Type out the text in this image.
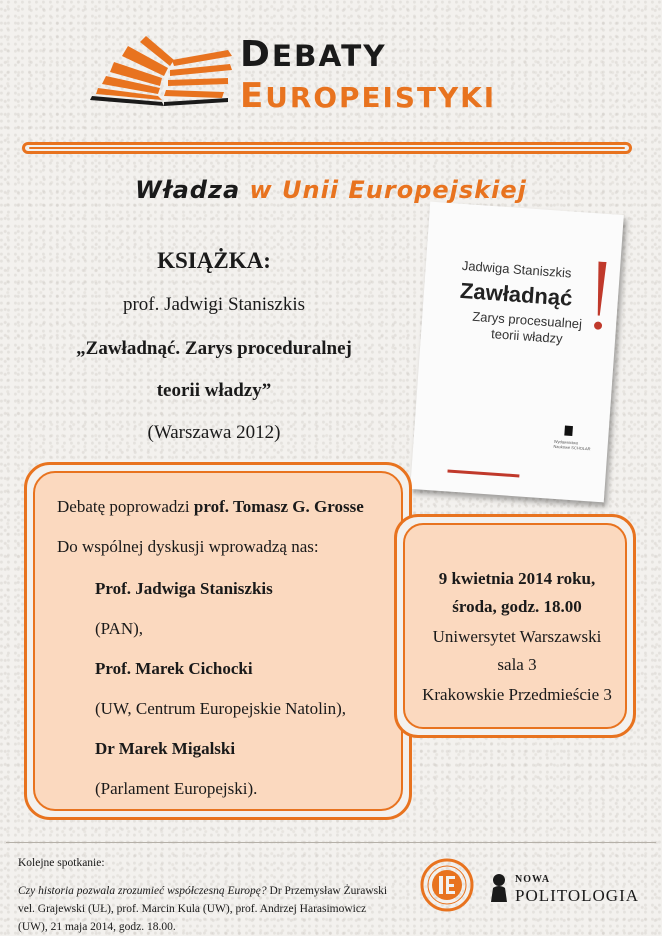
DEBATY
EUROPEISTYKI
Władza w Unii Europejskiej
KSIĄŻKA:
prof. Jadwigi Staniszkis
„Zawładnąć. Zarys proceduralnej
teorii władzy”
(Warszawa 2012)
Jadwiga Staniszkis
Zawładnąć
Zarys procesualnej
teorii władzy
Wydawnictwo Naukowe SCHOLAR
Debatę poprowadzi prof. Tomasz G. Grosse
Do wspólnej dyskusji wprowadzą nas:
Prof. Jadwiga Staniszkis
(PAN),
Prof. Marek Cichocki
(UW, Centrum Europejskie Natolin),
Dr Marek Migalski
(Parlament Europejski).
9 kwietnia 2014 roku,
środa, godz. 18.00
Uniwersytet Warszawski
sala 3
Krakowskie Przedmieście 3
Kolejne spotkanie:
Czy historia pozwala zrozumieć współczesną Europę? Dr Przemysław Żurawski
vel. Grajewski (UŁ), prof. Marcin Kula (UW), prof. Andrzej Harasimowicz
(UW), 21 maja 2014, godz. 18.00.
NOWA
POLITOLOGIA
